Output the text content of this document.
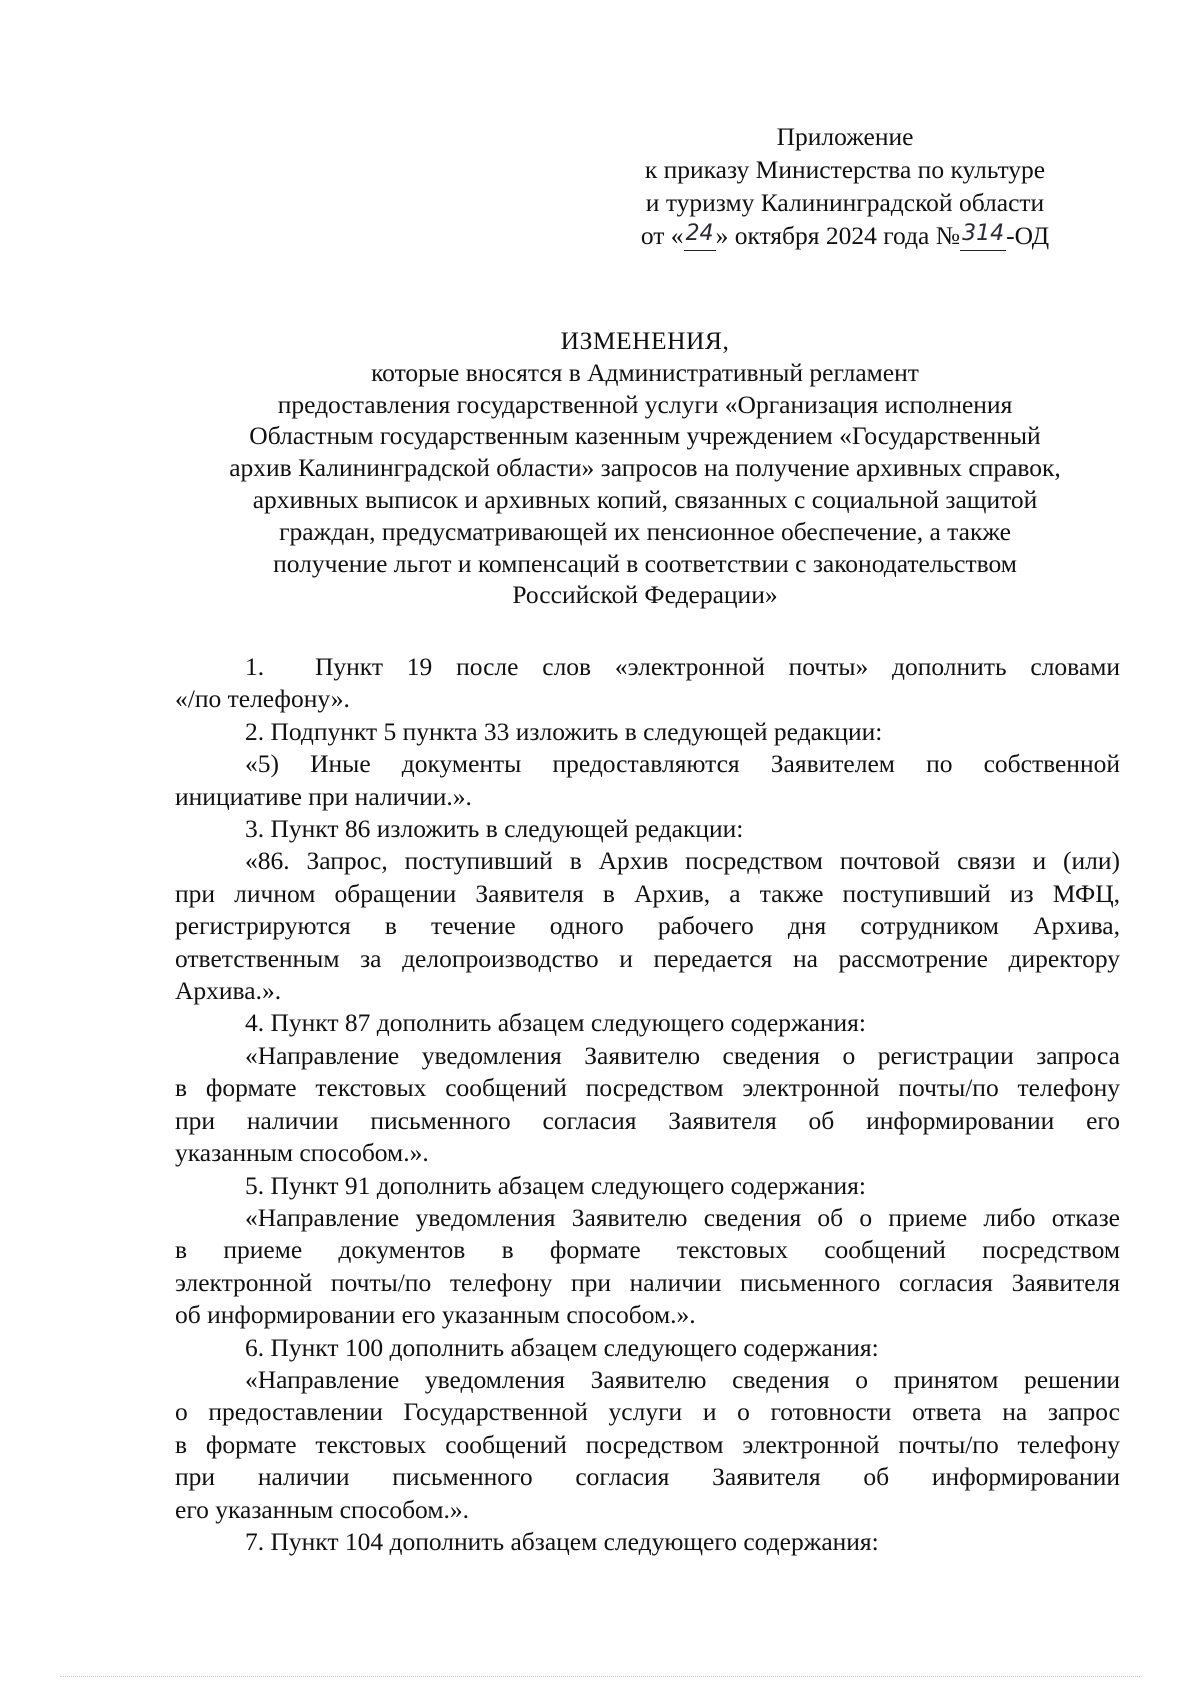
Приложение
к приказу Министерства по культуре
и туризму Калининградской области
от «24» октября 2024 года №314-ОД
ИЗМЕНЕНИЯ,
которые вносятся в Административный регламент
предоставления государственной услуги «Организация исполнения
Областным государственным казенным учреждением «Государственный
архив Калининградской области» запросов на получение архивных справок,
архивных выписок и архивных копий, связанных с социальной защитой
граждан, предусматривающей их пенсионное обеспечение, а также
получение льгот и компенсаций в соответствии с законодательством
Российской Федерации»
1. Пункт 19 после слов «электронной почты» дополнить словами
«/по телефону».
2. Подпункт 5 пункта 33 изложить в следующей редакции:
«5) Иные документы предоставляются Заявителем по собственной
инициативе при наличии.».
3. Пункт 86 изложить в следующей редакции:
«86. Запрос, поступивший в Архив посредством почтовой связи и (или)
при личном обращении Заявителя в Архив, а также поступивший из МФЦ,
регистрируются в течение одного рабочего дня сотрудником Архива,
ответственным за делопроизводство и передается на рассмотрение директору
Архива.».
4. Пункт 87 дополнить абзацем следующего содержания:
«Направление уведомления Заявителю сведения о регистрации запроса
в формате текстовых сообщений посредством электронной почты/по телефону
при наличии письменного согласия Заявителя об информировании его
указанным способом.».
5. Пункт 91 дополнить абзацем следующего содержания:
«Направление уведомления Заявителю сведения об о приеме либо отказе
в приеме документов в формате текстовых сообщений посредством
электронной почты/по телефону при наличии письменного согласия Заявителя
об информировании его указанным способом.».
6. Пункт 100 дополнить абзацем следующего содержания:
«Направление уведомления Заявителю сведения о принятом решении
о предоставлении Государственной услуги и о готовности ответа на запрос
в формате текстовых сообщений посредством электронной почты/по телефону
при наличии письменного согласия Заявителя об информировании
его указанным способом.».
7. Пункт 104 дополнить абзацем следующего содержания:
